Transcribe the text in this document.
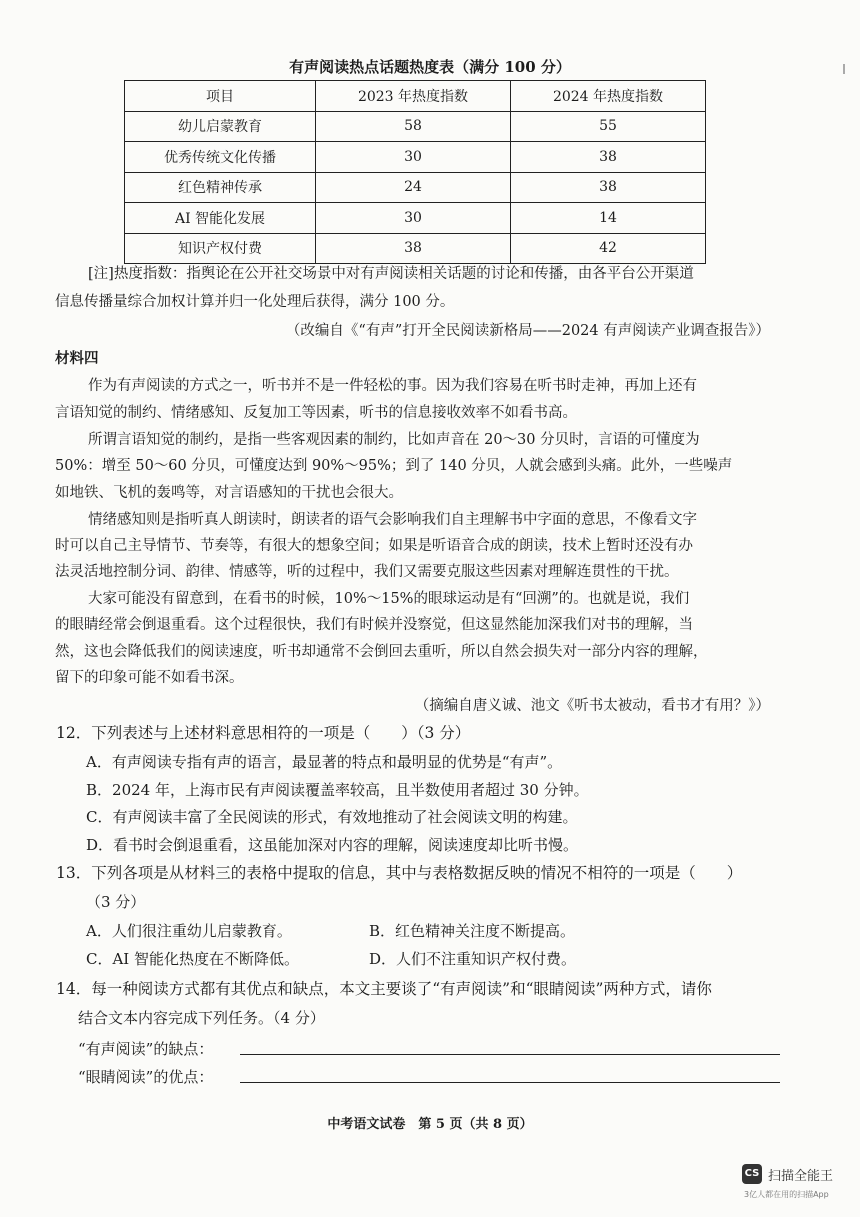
有声阅读热点话题热度表（满分 100 分）
项目	2023 年热度指数	2024 年热度指数
幼儿启蒙教育	58	55
优秀传统文化传播	30	38
红色精神传承	24	38
AI 智能化发展	30	14
知识产权付费	38	42
[注]热度指数：指舆论在公开社交场景中对有声阅读相关话题的讨论和传播，由各平台公开渠道
信息传播量综合加权计算并归一化处理后获得，满分 100 分。
（改编自《“有声”打开全民阅读新格局——2024 有声阅读产业调查报告》）
材料四
作为有声阅读的方式之一，听书并不是一件轻松的事。因为我们容易在听书时走神，再加上还有
言语知觉的制约、情绪感知、反复加工等因素，听书的信息接收效率不如看书高。
所谓言语知觉的制约，是指一些客观因素的制约，比如声音在 20～30 分贝时，言语的可懂度为
50%：增至 50～60 分贝，可懂度达到 90%～95%；到了 140 分贝，人就会感到头痛。此外，一些噪声
如地铁、飞机的轰鸣等，对言语感知的干扰也会很大。
情绪感知则是指听真人朗读时，朗读者的语气会影响我们自主理解书中字面的意思，不像看文字
时可以自己主导情节、节奏等，有很大的想象空间；如果是听语音合成的朗读，技术上暂时还没有办
法灵活地控制分词、韵律、情感等，听的过程中，我们又需要克服这些因素对理解连贯性的干扰。
大家可能没有留意到，在看书的时候，10%～15%的眼球运动是有“回溯”的。也就是说，我们
的眼睛经常会倒退重看。这个过程很快，我们有时候并没察觉，但这显然能加深我们对书的理解，当
然，这也会降低我们的阅读速度，听书却通常不会倒回去重听，所以自然会损失对一部分内容的理解，
留下的印象可能不如看书深。
（摘编自唐义诚、池文《听书太被动，看书才有用？》）
12．下列表述与上述材料意思相符的一项是（　　）（3 分）
A．有声阅读专指有声的语言，最显著的特点和最明显的优势是“有声”。
B．2024 年，上海市民有声阅读覆盖率较高，且半数使用者超过 30 分钟。
C．有声阅读丰富了全民阅读的形式，有效地推动了社会阅读文明的构建。
D．看书时会倒退重看，这虽能加深对内容的理解，阅读速度却比听书慢。
13．下列各项是从材料三的表格中提取的信息，其中与表格数据反映的情况不相符的一项是（　　）
（3 分）
A．人们很注重幼儿启蒙教育。	B．红色精神关注度不断提高。
C．AI 智能化热度在不断降低。	D．人们不注重知识产权付费。
14．每一种阅读方式都有其优点和缺点，本文主要谈了“有声阅读”和“眼睛阅读”两种方式，请你
结合文本内容完成下列任务。（4 分）
“有声阅读”的缺点：
“眼睛阅读”的优点：
中考语文试卷　第 5 页（共 8 页）
CS 扫描全能王
3亿人都在用的扫描App
